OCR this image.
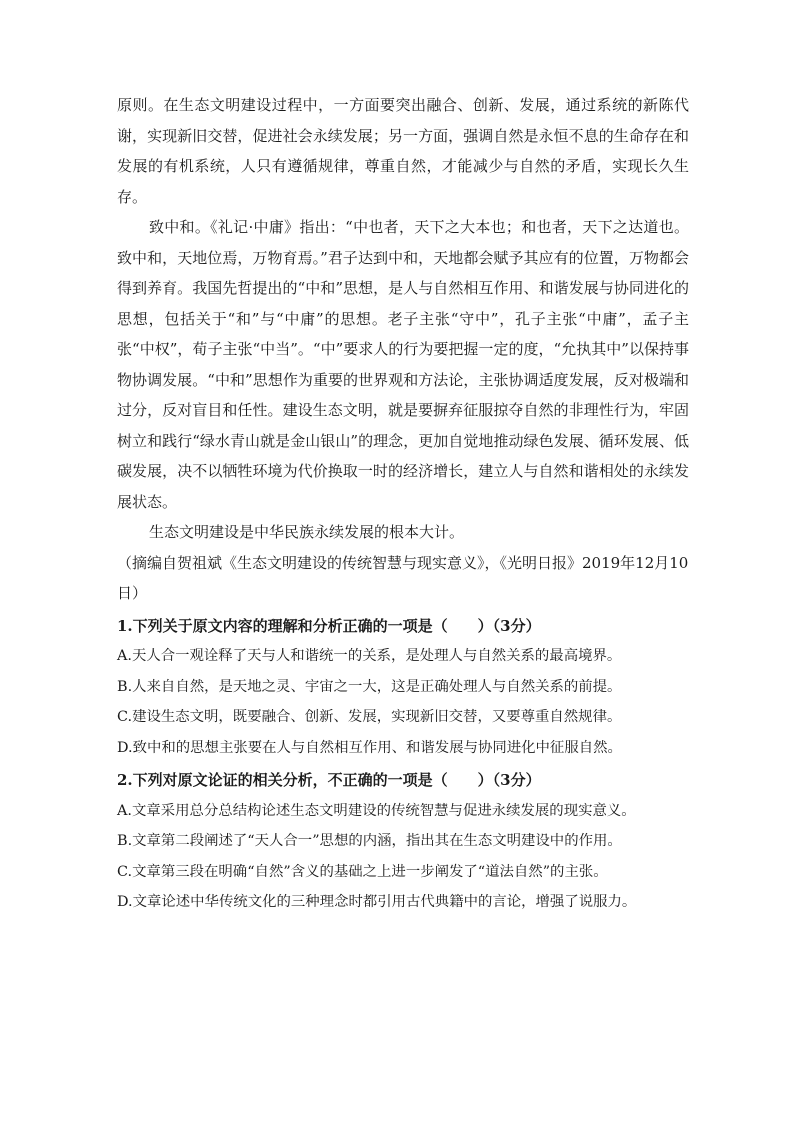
原则。在生态文明建设过程中，一方面要突出融合、创新、发展，通过系统的新陈代谢，实现新旧交替，促进社会永续发展；另一方面，强调自然是永恒不息的生命存在和发展的有机系统，人只有遵循规律，尊重自然，才能减少与自然的矛盾，实现长久生存。

致中和。《礼记·中庸》指出：“中也者，天下之大本也；和也者，天下之达道也。致中和，天地位焉，万物育焉。”君子达到中和，天地都会赋予其应有的位置，万物都会得到养育。我国先哲提出的“中和”思想，是人与自然相互作用、和谐发展与协同进化的思想，包括关于“和”与“中庸”的思想。老子主张“守中”，孔子主张“中庸”，孟子主张“中权”，荀子主张“中当”。“中”要求人的行为要把握一定的度，“允执其中”以保持事物协调发展。“中和”思想作为重要的世界观和方法论，主张协调适度发展，反对极端和过分，反对盲目和任性。建设生态文明，就是要摒弃征服掠夺自然的非理性行为，牢固树立和践行“绿水青山就是金山银山”的理念，更加自觉地推动绿色发展、循环发展、低碳发展，决不以牺牲环境为代价换取一时的经济增长，建立人与自然和谐相处的永续发展状态。

生态文明建设是中华民族永续发展的根本大计。

（摘编自贺祖斌《生态文明建设的传统智慧与现实意义》，《光明日报》2019年12月10日）

1.下列关于原文内容的理解和分析正确的一项是（　　）（3分）

A.天人合一观诠释了天与人和谐统一的关系，是处理人与自然关系的最高境界。

B.人来自自然，是天地之灵、宇宙之一大，这是正确处理人与自然关系的前提。

C.建设生态文明，既要融合、创新、发展，实现新旧交替，又要尊重自然规律。

D.致中和的思想主张要在人与自然相互作用、和谐发展与协同进化中征服自然。

2.下列对原文论证的相关分析，不正确的一项是（　　）（3分）

A.文章采用总分总结构论述生态文明建设的传统智慧与促进永续发展的现实意义。

B.文章第二段阐述了“天人合一”思想的内涵，指出其在生态文明建设中的作用。

C.文章第三段在明确“自然”含义的基础之上进一步阐发了“道法自然”的主张。

D.文章论述中华传统文化的三种理念时都引用古代典籍中的言论，增强了说服力。
